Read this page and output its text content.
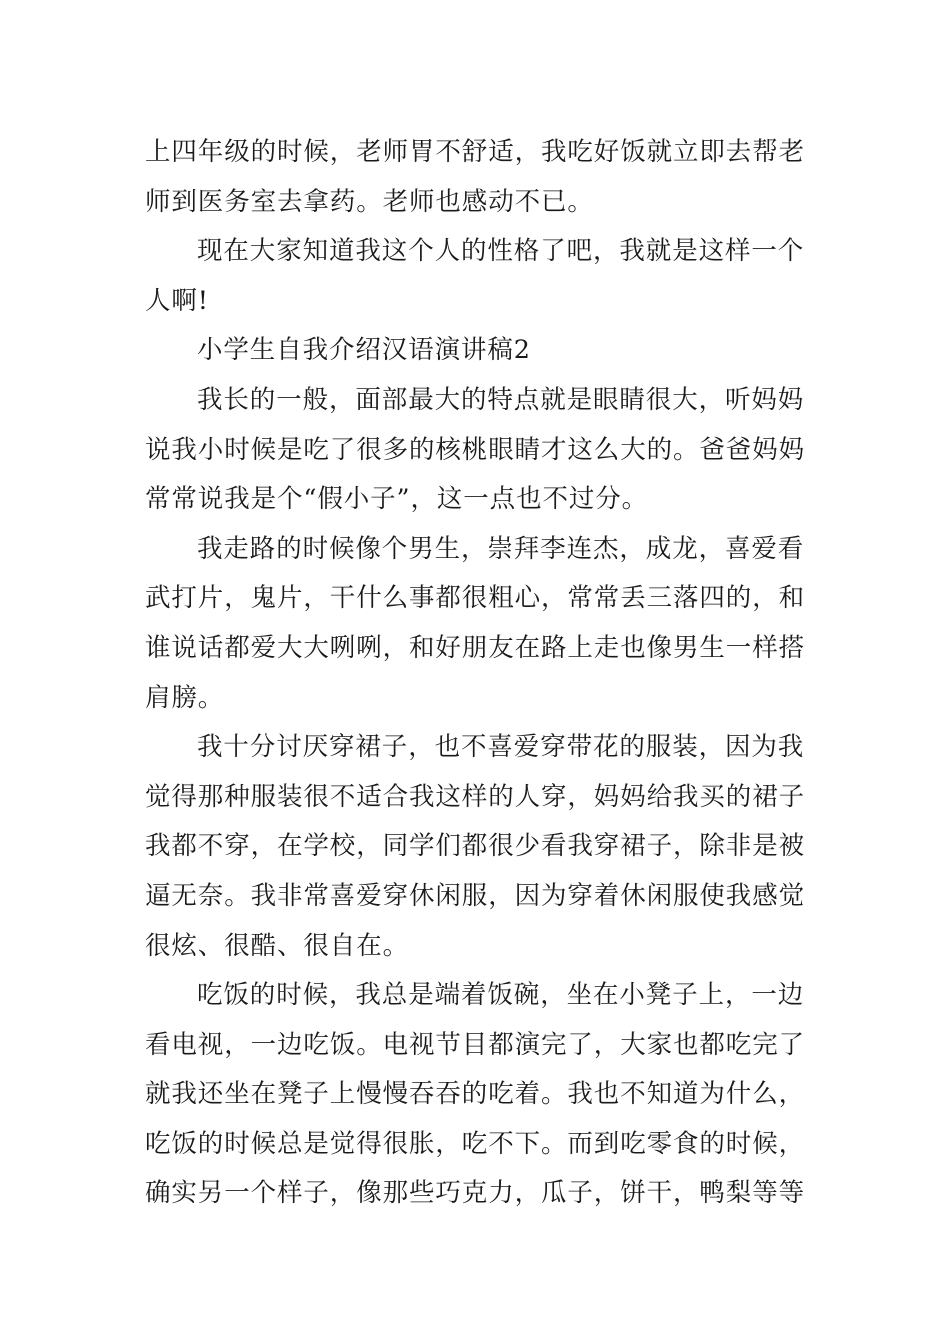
上四年级的时候，老师胃不舒适，我吃好饭就立即去帮老
师到医务室去拿药。老师也感动不已。
现在大家知道我这个人的性格了吧，我就是这样一个
人啊!
小学生自我介绍汉语演讲稿2
我长的一般，面部最大的特点就是眼睛很大，听妈妈
说我小时候是吃了很多的核桃眼睛才这么大的。爸爸妈妈
常常说我是个“假小子”，这一点也不过分。
我走路的时候像个男生，崇拜李连杰，成龙，喜爱看
武打片，鬼片，干什么事都很粗心，常常丢三落四的，和
谁说话都爱大大咧咧，和好朋友在路上走也像男生一样搭
肩膀。
我十分讨厌穿裙子，也不喜爱穿带花的服装，因为我
觉得那种服装很不适合我这样的人穿，妈妈给我买的裙子
我都不穿，在学校，同学们都很少看我穿裙子，除非是被
逼无奈。我非常喜爱穿休闲服，因为穿着休闲服使我感觉
很炫、很酷、很自在。
吃饭的时候，我总是端着饭碗，坐在小凳子上，一边
看电视，一边吃饭。电视节目都演完了，大家也都吃完了
就我还坐在凳子上慢慢吞吞的吃着。我也不知道为什么，
吃饭的时候总是觉得很胀，吃不下。而到吃零食的时候，
确实另一个样子，像那些巧克力，瓜子，饼干，鸭梨等等
